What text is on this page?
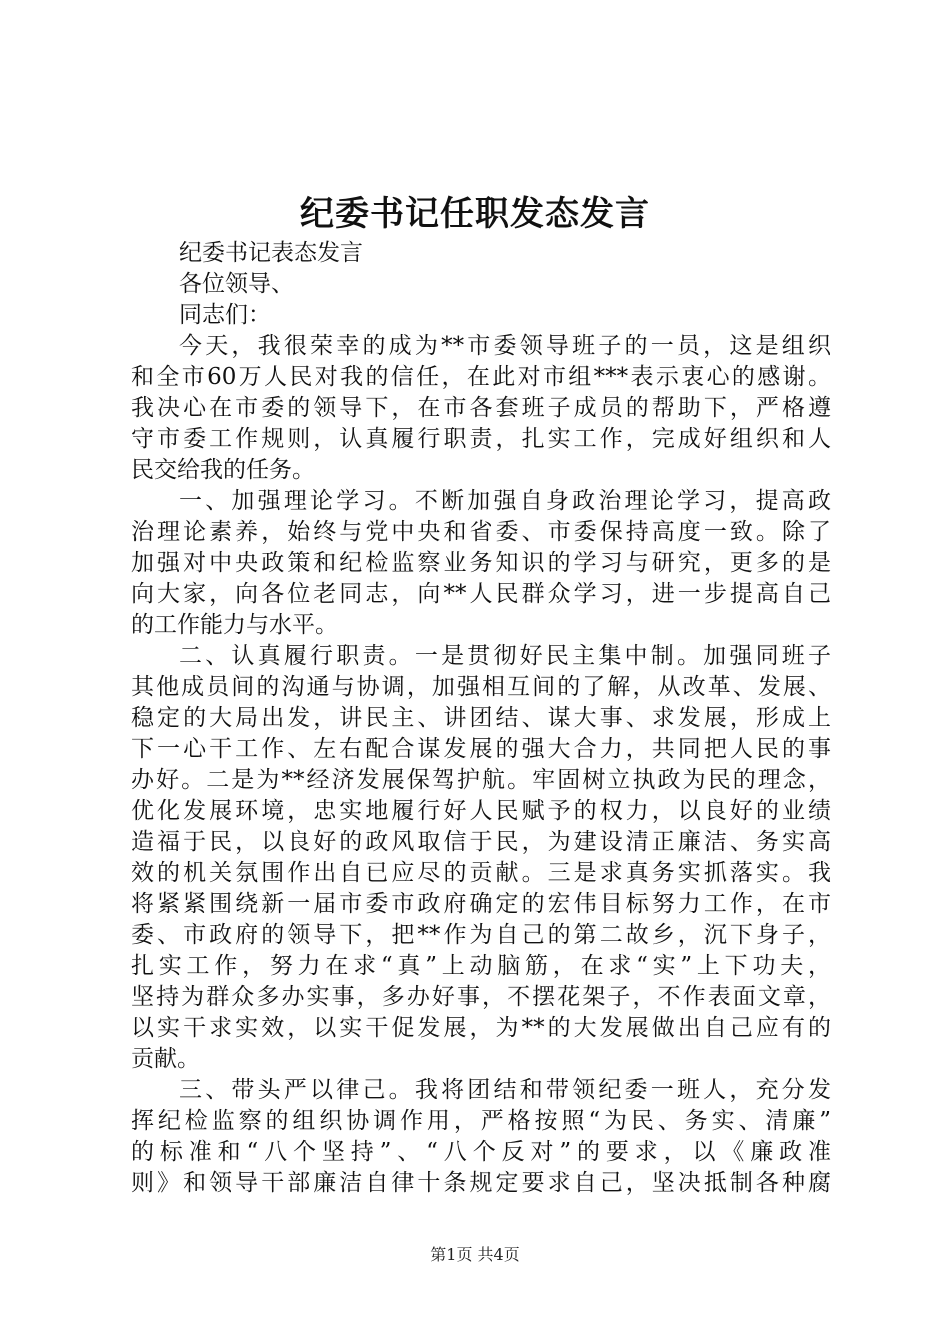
纪委书记任职发态发言
纪委书记表态发言
各位领导、
同志们：
今天，我很荣幸的成为**市委领导班子的一员，这是组织
和全市60万人民对我的信任，在此对市组***表示衷心的感谢。
我决心在市委的领导下，在市各套班子成员的帮助下，严格遵
守市委工作规则，认真履行职责，扎实工作，完成好组织和人
民交给我的任务。
一、加强理论学习。不断加强自身政治理论学习，提高政
治理论素养，始终与党中央和省委、市委保持高度一致。除了
加强对中央政策和纪检监察业务知识的学习与研究，更多的是
向大家，向各位老同志，向**人民群众学习，进一步提高自己
的工作能力与水平。
二、认真履行职责。一是贯彻好民主集中制。加强同班子
其他成员间的沟通与协调，加强相互间的了解，从改革、发展、
稳定的大局出发，讲民主、讲团结、谋大事、求发展，形成上
下一心干工作、左右配合谋发展的强大合力，共同把人民的事
办好。二是为**经济发展保驾护航。牢固树立执政为民的理念，
优化发展环境，忠实地履行好人民赋予的权力，以良好的业绩
造福于民，以良好的政风取信于民，为建设清正廉洁、务实高
效的机关氛围作出自已应尽的贡献。三是求真务实抓落实。我
将紧紧围绕新一届市委市政府确定的宏伟目标努力工作，在市
委、市政府的领导下，把**作为自己的第二故乡，沉下身子，
扎实工作，努力在求“真”上动脑筋，在求“实”上下功夫，
坚持为群众多办实事，多办好事，不摆花架子，不作表面文章，
以实干求实效，以实干促发展，为**的大发展做出自己应有的
贡献。
三、带头严以律己。我将团结和带领纪委一班人，充分发
挥纪检监察的组织协调作用，严格按照“为民、务实、清廉”
的标准和“八个坚持”、“八个反对”的要求，以《廉政准
则》和领导干部廉洁自律十条规定要求自己，坚决抵制各种腐
第1页 共4页
